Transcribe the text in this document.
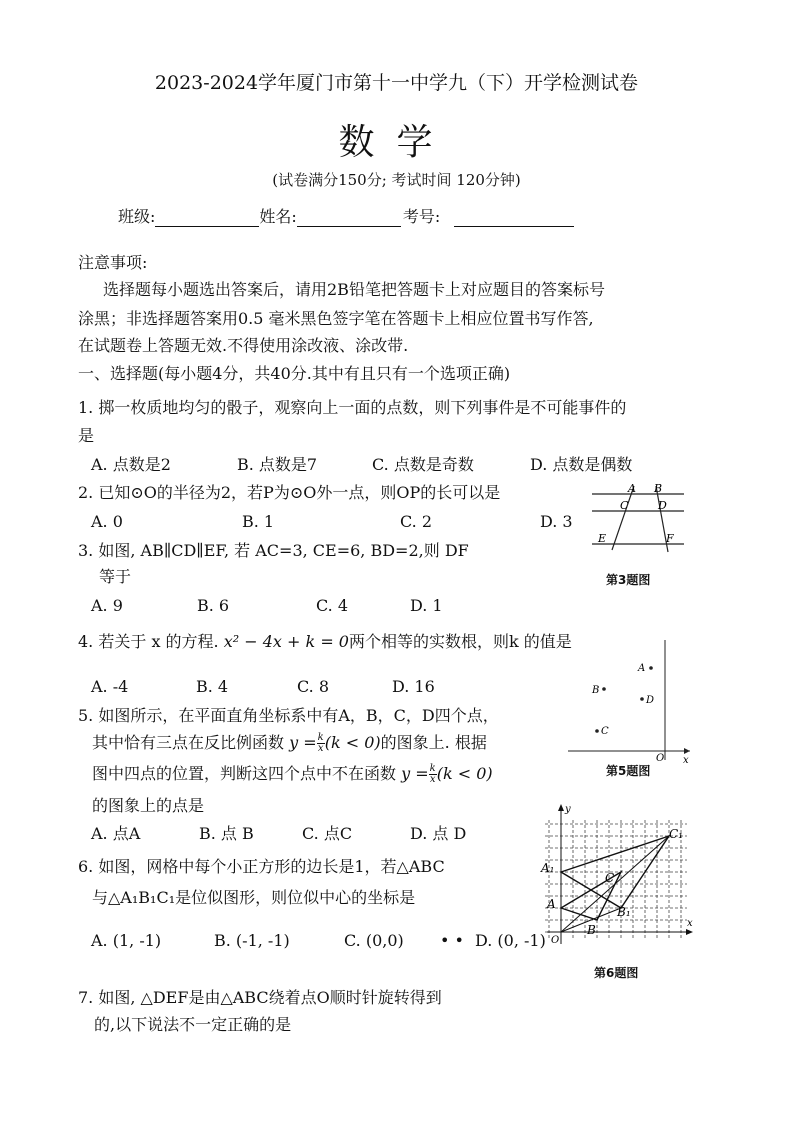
2023-2024学年厦门市第十一中学九（下）开学检测试卷
数学
(试卷满分150分; 考试时间 120分钟)
班级:	姓名:	考号:
注意事项:
选择题每小题选出答案后，请用2B铅笔把答题卡上对应题目的答案标号
涂黑；非选择题答案用0.5 毫米黑色签字笔在答题卡上相应位置书写作答,
在试题卷上答题无效.不得使用涂改液、涂改带.
一、选择题(每小题4分，共40分.其中有且只有一个选项正确)
1. 掷一枚质地均匀的骰子，观察向上一面的点数，则下列事件是不可能事件的
是
A. 点数是2	B. 点数是7	C. 点数是奇数	D. 点数是偶数
2. 已知⊙O的半径为2，若P为⊙O外一点，则OP的长可以是
A. 0	B. 1	C. 2	D. 3
A B
C	D
E	F
第3题图
3. 如图, AB∥CD∥EF, 若 AC=3, CE=6, BD=2,则 DF
等于
A. 9	B. 6	C. 4	D. 1
4. 若关于 x 的方程. x² − 4x + k = 0两个相等的实数根，则k 的值是
A. -4	B. 4	C. 8	D. 16
A
B
D
C
O x
第5题图
5. 如图所示，在平面直角坐标系中有A，B，C，D四个点，
其中恰有三点在反比例函数 $y = \frac{k}{x} (k < 0)$的图象上. 根据
图中四点的位置，判断这四个点中不在函数 $y = \frac{k}{x} (k < 0)$
的图象上的点是
A. 点A	B. 点 B	C. 点C	D. 点 D
A₁
A
B
B₁
C
C₁
O
x
y
第6题图
6. 如图，网格中每个小正方形的边长是1，若△ABC
与△A₁B₁C₁是位似图形，则位似中心的坐标是
A. (1, -1)	B. (-1, -1)	C. (0,0) • • D. (0, -1)
7. 如图, △DEF是由△ABC绕着点O顺时针旋转得到
的,以下说法不一定正确的是
